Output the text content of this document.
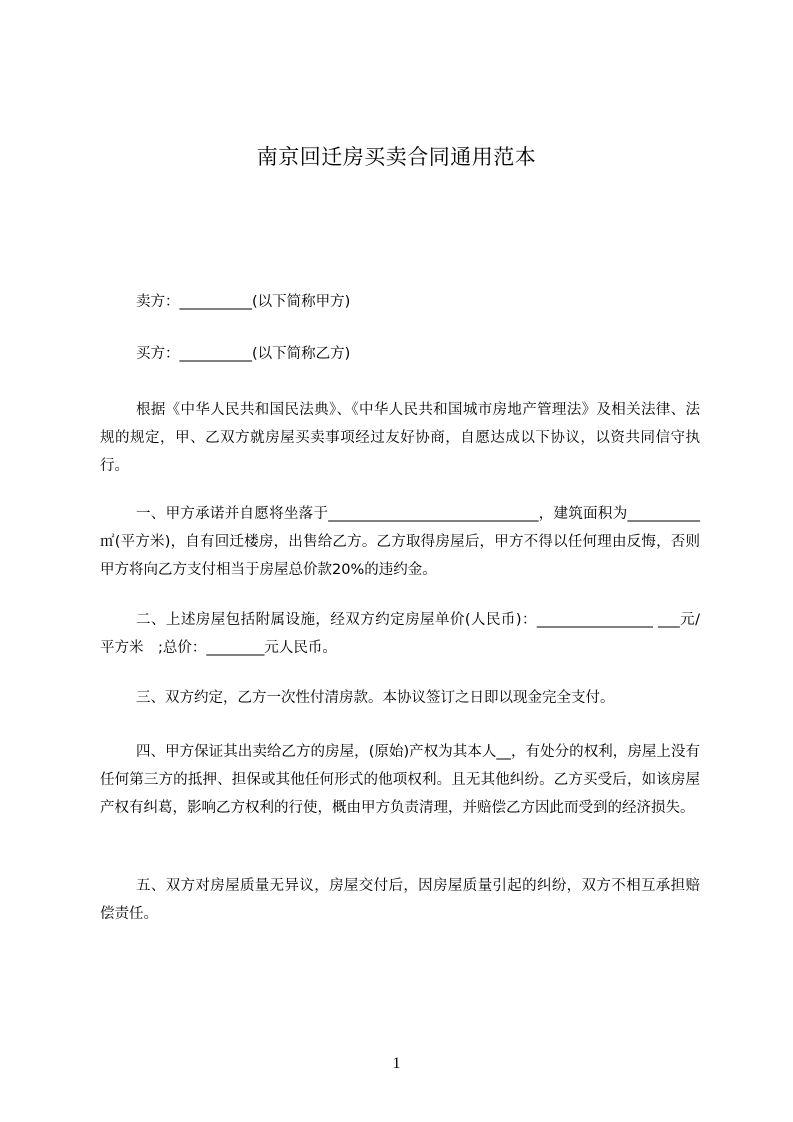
南京回迁房买卖合同通用范本

卖方：__________(以下简称甲方)

买方：__________(以下简称乙方)

根据《中华人民共和国民法典》、《中华人民共和国城市房地产管理法》及相关法律、法规的规定，甲、乙双方就房屋买卖事项经过友好协商，自愿达成以下协议，以资共同信守执行。

一、甲方承诺并自愿将坐落于_____________________________，建筑面积为__________㎡(平方米)，自有回迁楼房，出售给乙方。乙方取得房屋后，甲方不得以任何理由反悔，否则甲方将向乙方支付相当于房屋总价款20%的违约金。

二、上述房屋包括附属设施，经双方约定房屋单价(人民币)：________________ ___元/平方米　;总价：________元人民币。

三、双方约定，乙方一次性付清房款。本协议签订之日即以现金完全支付。

四、甲方保证其出卖给乙方的房屋，(原始)产权为其本人__，有处分的权利，房屋上没有任何第三方的抵押、担保或其他任何形式的他项权利。且无其他纠纷。乙方买受后，如该房屋产权有纠葛，影响乙方权利的行使，概由甲方负责清理，并赔偿乙方因此而受到的经济损失。

五、双方对房屋质量无异议，房屋交付后，因房屋质量引起的纠纷，双方不相互承担赔偿责任。

1
